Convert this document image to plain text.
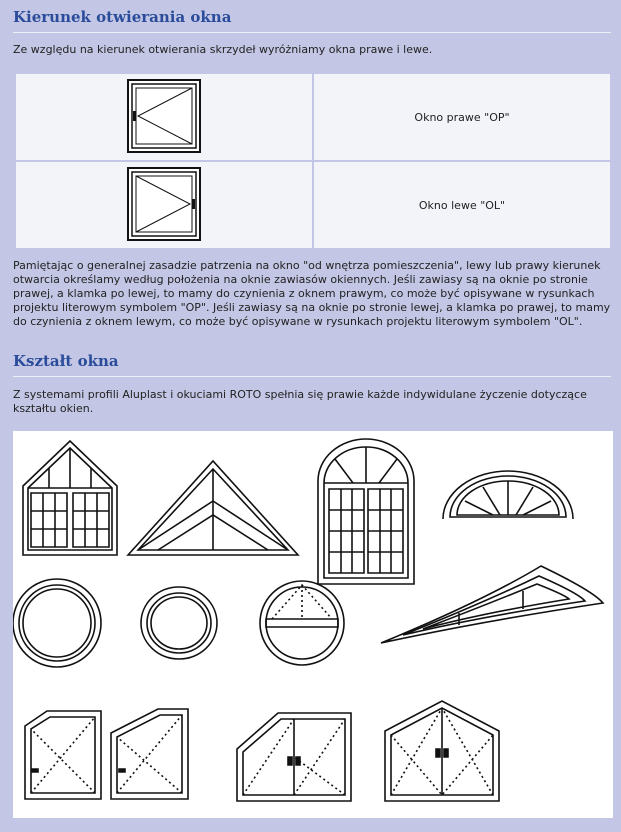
Kierunek otwierania okna

Ze względu na kierunek otwierania skrzydeł wyróżniamy okna prawe i lewe.

	Okno prawe "OP"
	Okno lewe "OL"

Pamiętając o generalnej zasadzie patrzenia na okno "od wnętrza pomieszczenia", lewy lub prawy kierunek otwarcia określamy według położenia na oknie zawiasów okiennych. Jeśli zawiasy są na oknie po stronie prawej, a klamka po lewej, to mamy do czynienia z oknem prawym, co może być opisywane w rysunkach projektu literowym symbolem "OP". Jeśli zawiasy są na oknie po stronie lewej, a klamka po prawej, to mamy do czynienia z oknem lewym, co może być opisywane w rysunkach projektu literowym symbolem "OL".

Kształt okna

Z systemami profili Aluplast i okuciami ROTO spełnia się prawie każde indywidulane życzenie dotyczące kształtu okien.
